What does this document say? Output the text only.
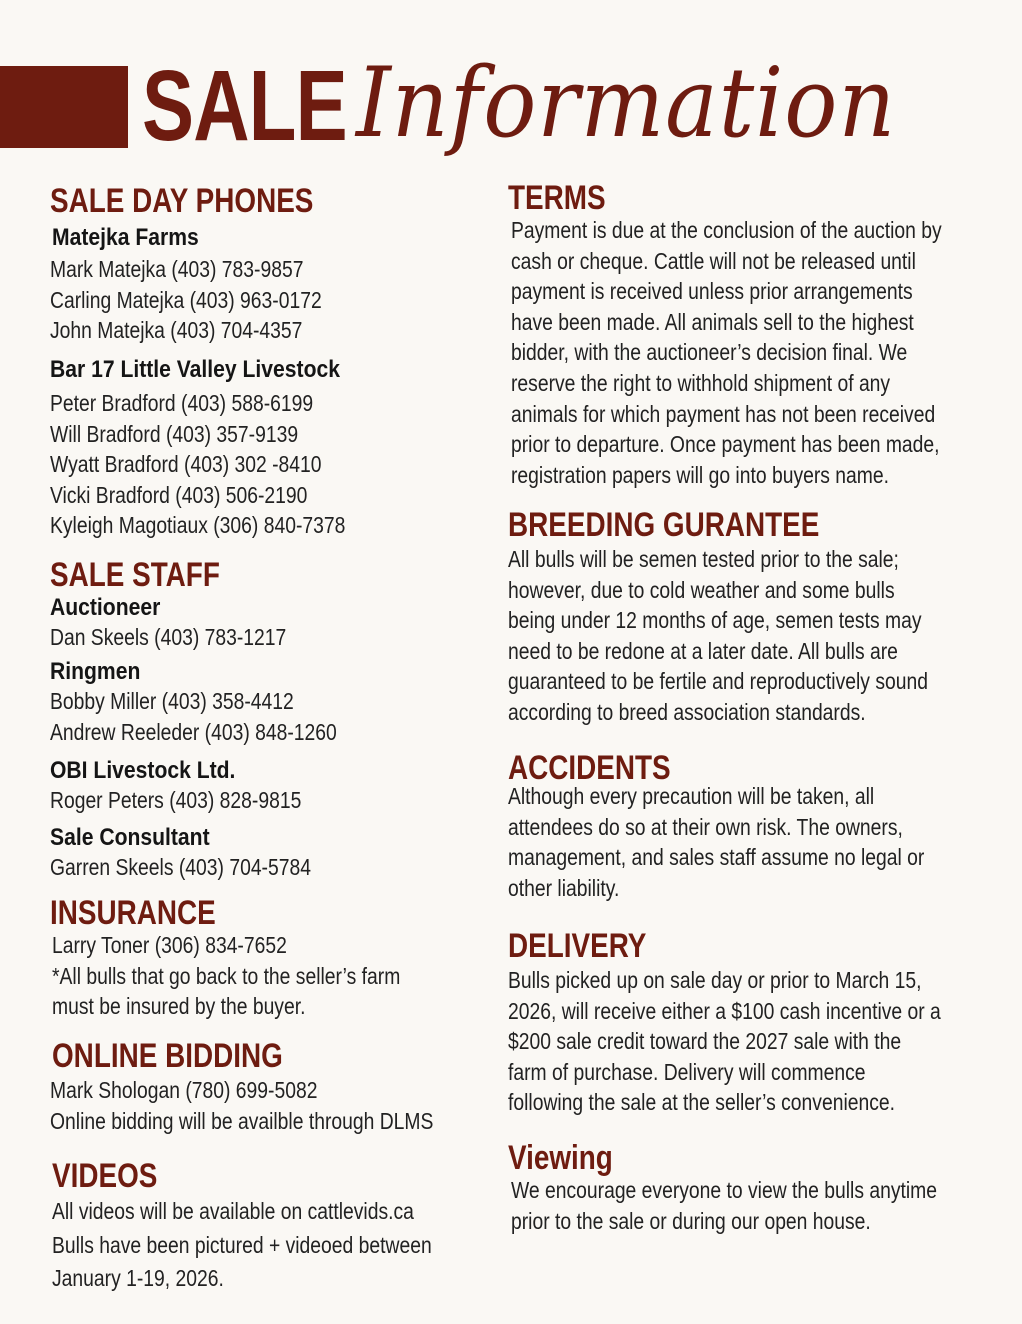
SALE Information
SALE DAY PHONES
Matejka Farms
Mark Matejka (403) 783-9857
Carling Matejka (403) 963-0172
John Matejka (403) 704-4357
Bar 17 Little Valley Livestock
Peter Bradford (403) 588-6199
Will Bradford (403) 357-9139
Wyatt Bradford (403) 302 -8410
Vicki Bradford (403) 506-2190
Kyleigh Magotiaux (306) 840-7378
SALE STAFF
Auctioneer
Dan Skeels (403) 783-1217
Ringmen
Bobby Miller (403) 358-4412
Andrew Reeleder (403) 848-1260
OBI Livestock Ltd.
Roger Peters (403) 828-9815
Sale Consultant
Garren Skeels (403) 704-5784
INSURANCE
Larry Toner (306) 834-7652
*All bulls that go back to the seller’s farm
must be insured by the buyer.
ONLINE BIDDING
Mark Shologan (780) 699-5082
Online bidding will be availble through DLMS
VIDEOS
All videos will be available on cattlevids.ca
Bulls have been pictured + videoed between
January 1-19, 2026.
TERMS
Payment is due at the conclusion of the auction by
cash or cheque. Cattle will not be released until
payment is received unless prior arrangements
have been made. All animals sell to the highest
bidder, with the auctioneer’s decision final. We
reserve the right to withhold shipment of any
animals for which payment has not been received
prior to departure. Once payment has been made,
registration papers will go into buyers name.
BREEDING GURANTEE
All bulls will be semen tested prior to the sale;
however, due to cold weather and some bulls
being under 12 months of age, semen tests may
need to be redone at a later date. All bulls are
guaranteed to be fertile and reproductively sound
according to breed association standards.
ACCIDENTS
Although every precaution will be taken, all
attendees do so at their own risk. The owners,
management, and sales staff assume no legal or
other liability.
DELIVERY
Bulls picked up on sale day or prior to March 15,
2026, will receive either a $100 cash incentive or a
$200 sale credit toward the 2027 sale with the
farm of purchase. Delivery will commence
following the sale at the seller’s convenience.
Viewing
We encourage everyone to view the bulls anytime
prior to the sale or during our open house.
